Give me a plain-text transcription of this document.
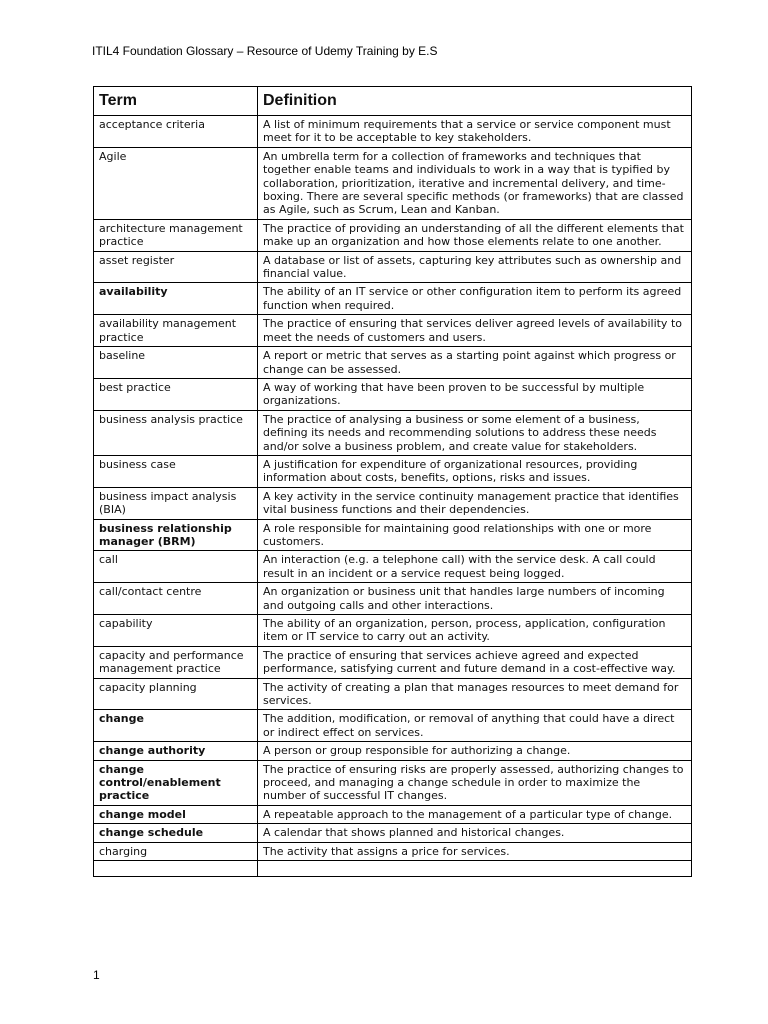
ITIL4 Foundation Glossary – Resource of Udemy Training by E.S
Term	Definition
acceptance criteria	A list of minimum requirements that a service or service component must meet for it to be acceptable to key stakeholders.
Agile	An umbrella term for a collection of frameworks and techniques that together enable teams and individuals to work in a way that is typified by collaboration, prioritization, iterative and incremental delivery, and time-boxing. There are several specific methods (or frameworks) that are classed as Agile, such as Scrum, Lean and Kanban.
architecture management practice	The practice of providing an understanding of all the different elements that make up an organization and how those elements relate to one another.
asset register	A database or list of assets, capturing key attributes such as ownership and financial value.
availability	The ability of an IT service or other configuration item to perform its agreed function when required.
availability management practice	The practice of ensuring that services deliver agreed levels of availability to meet the needs of customers and users.
baseline	A report or metric that serves as a starting point against which progress or change can be assessed.
best practice	A way of working that have been proven to be successful by multiple organizations.
business analysis practice	The practice of analysing a business or some element of a business, defining its needs and recommending solutions to address these needs and/or solve a business problem, and create value for stakeholders.
business case	A justification for expenditure of organizational resources, providing information about costs, benefits, options, risks and issues.
business impact analysis (BIA)	A key activity in the service continuity management practice that identifies vital business functions and their dependencies.
business relationship manager (BRM)	A role responsible for maintaining good relationships with one or more customers.
call	An interaction (e.g. a telephone call) with the service desk. A call could result in an incident or a service request being logged.
call/contact centre	An organization or business unit that handles large numbers of incoming and outgoing calls and other interactions.
capability	The ability of an organization, person, process, application, configuration item or IT service to carry out an activity.
capacity and performance management practice	The practice of ensuring that services achieve agreed and expected performance, satisfying current and future demand in a cost-effective way.
capacity planning	The activity of creating a plan that manages resources to meet demand for services.
change	The addition, modification, or removal of anything that could have a direct or indirect effect on services.
change authority	A person or group responsible for authorizing a change.
change control/enablement practice	The practice of ensuring risks are properly assessed, authorizing changes to proceed, and managing a change schedule in order to maximize the number of successful IT changes.
change model	A repeatable approach to the management of a particular type of change.
change schedule	A calendar that shows planned and historical changes.
charging	The activity that assigns a price for services.

1
